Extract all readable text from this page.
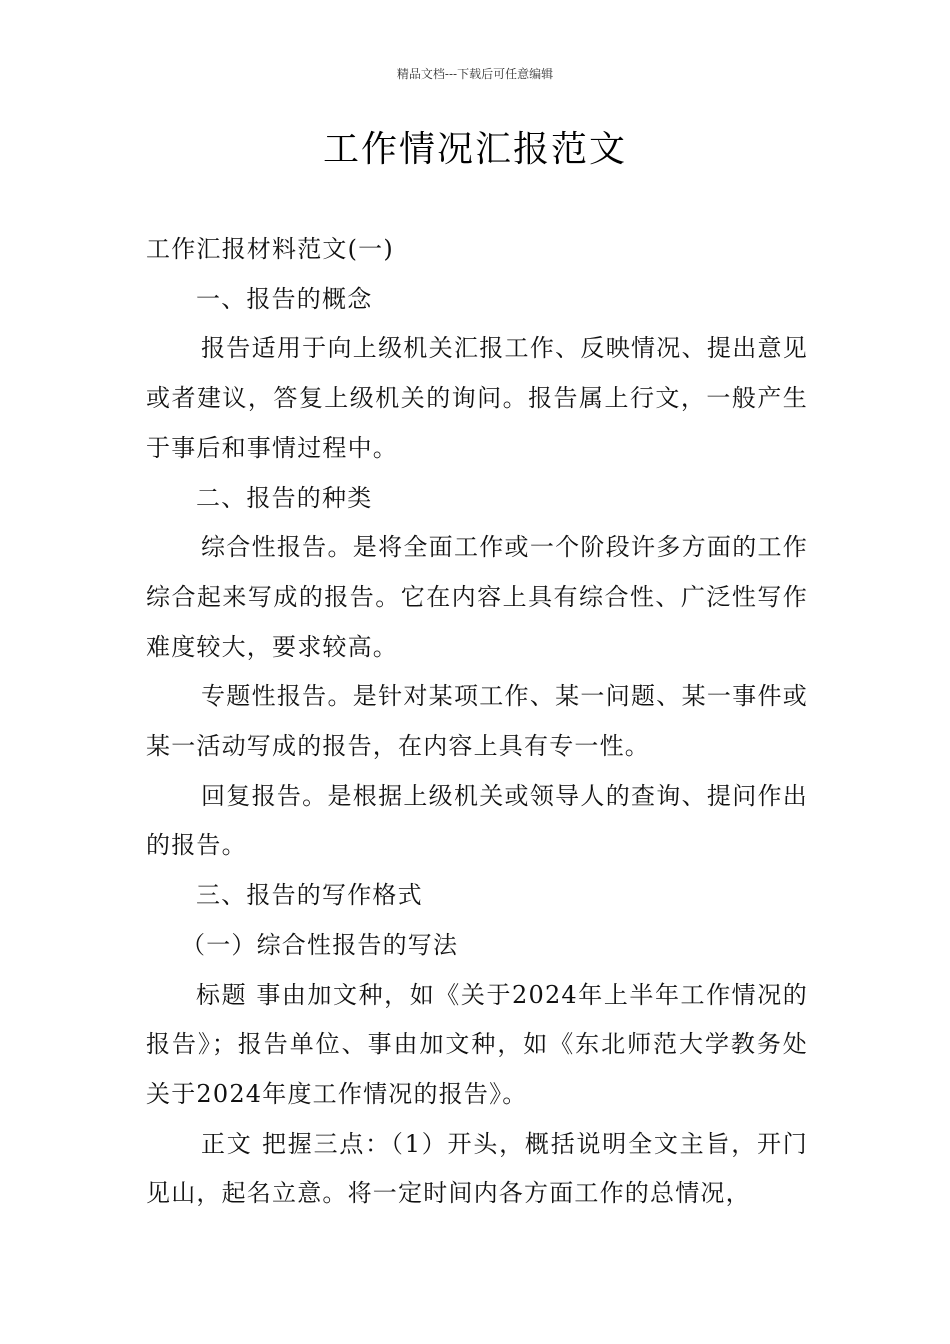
精品文档---下载后可任意编辑
工作情况汇报范文

工作汇报材料范文(一)

一、报告的概念

报告适用于向上级机关汇报工作、反映情况、提出意见或者建议，答复上级机关的询问。报告属上行文，一般产生于事后和事情过程中。

二、报告的种类

综合性报告。是将全面工作或一个阶段许多方面的工作综合起来写成的报告。它在内容上具有综合性、广泛性写作难度较大，要求较高。

专题性报告。是针对某项工作、某一问题、某一事件或某一活动写成的报告，在内容上具有专一性。

回复报告。是根据上级机关或领导人的查询、提问作出的报告。

三、报告的写作格式

（一）综合性报告的写法

标题 事由加文种，如《关于2024年上半年工作情况的报告》；报告单位、事由加文种，如《东北师范大学教务处关于2024年度工作情况的报告》。

正文 把握三点：（1）开头，概括说明全文主旨，开门见山，起名立意。将一定时间内各方面工作的总情况，
